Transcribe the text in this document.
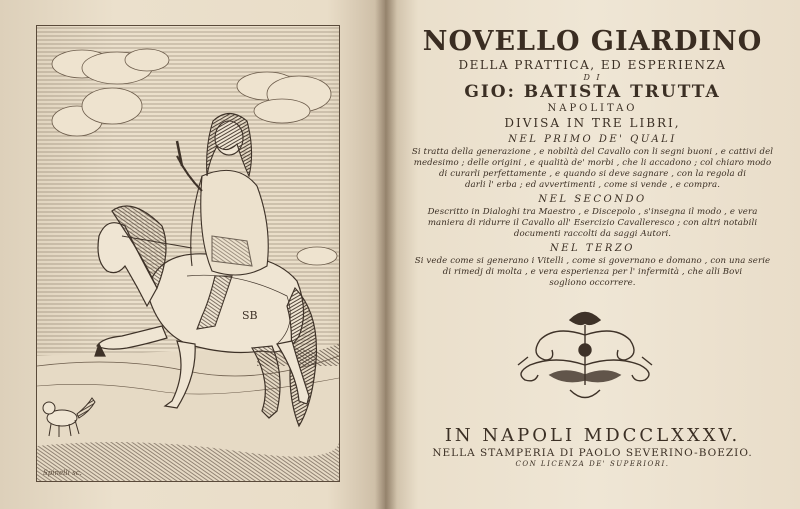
SB
Spinelli sc.
NOVELLO GIARDINO
DELLA PRATTICA, ED ESPERIENZA
D I
GIO: BATISTA TRUTTA
NAPOLITAO
DIVISA IN TRE LIBRI,
NEL PRIMO DE' QUALI
Si tratta della generazione , e nobiltà del Cavallo con li segni buoni , e cattivi del
medesimo ; delle origini , e qualità de' morbi , che li accadono ; col chiaro modo
di curarli perfettamente , e quando si deve sagnare , con la regola di
darli l' erba ; ed avvertimenti , come si vende , e compra.
NEL SECONDO
Descritto in Dialoghi tra Maestro , e Discepolo , s'insegna il modo , e vera
maniera di ridurre il Cavallo all' Esercizio Cavalleresco ; con altri notabili
documenti raccolti da saggi Autori.
NEL TERZO
Si vede come si generano i Vitelli , come si governano e domano , con una serie
di rimedj di molta , e vera esperienza per l' infermità , che alli Bovi
sogliono occorrere.
IN NAPOLI MDCCLXXXV.
NELLA STAMPERIA DI PAOLO SEVERINO-BOEZIO.
CON LICENZA DE' SUPERIORI.
